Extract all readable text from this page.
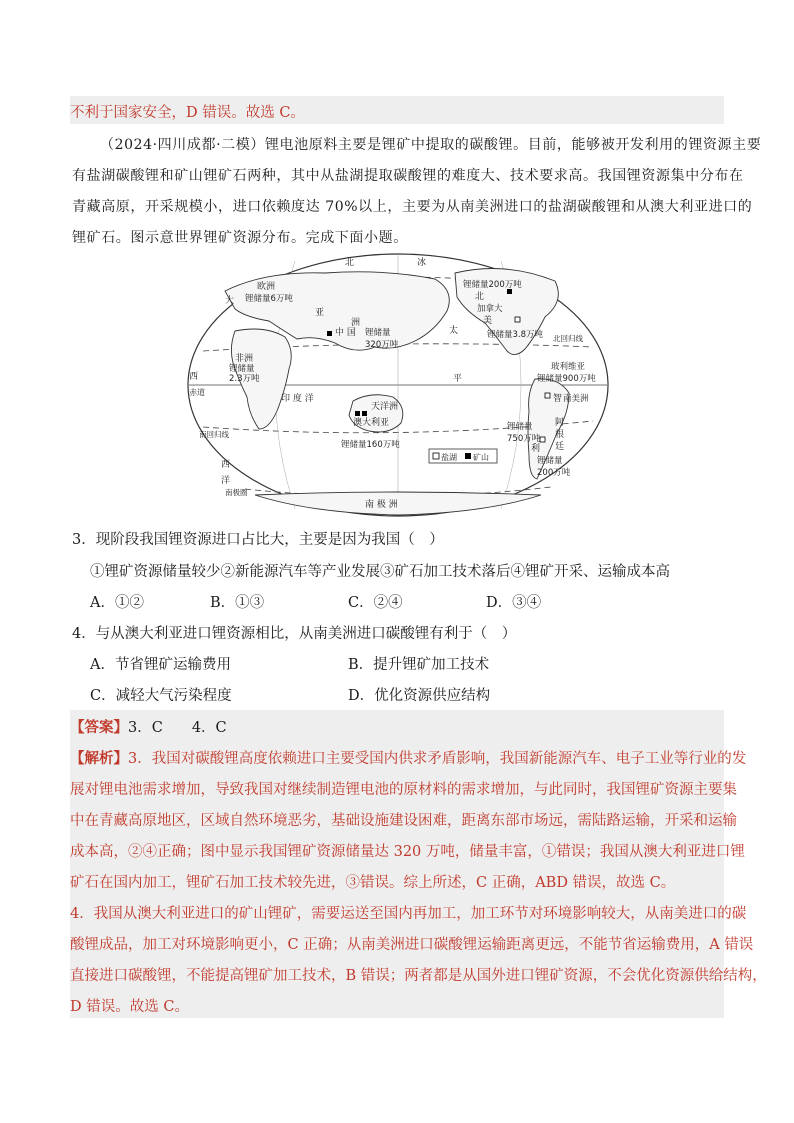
不利于国家安全，D 错误。故选 C。
（2024·四川成都·二模）锂电池原料主要是锂矿中提取的碳酸锂。目前，能够被开发利用的锂资源主要
有盐湖碳酸锂和矿山锂矿石两种，其中从盐湖提取碳酸锂的难度大、技术要求高。我国锂资源集中分布在
青藏高原，开采规模小，进口依赖度达 70%以上，主要为从南美洲进口的盐湖碳酸锂和从澳大利亚进口的
锂矿石。图示意世界锂矿资源分布。完成下面小题。
北	冰
欧洲
锂储量6万吨
大
亚
洲
中 国 锂储量
320万吨
非洲
锂储量
2.3万吨
西
赤道
太
平
印 度 洋
天洋洲
澳大利亚
锂储量160万吨
锂储量200万吨
北
加拿大
美
锂储量3.8万吨 北回归线
玻利维亚
锂储量900万吨
智 南美洲
锂储量
750万吨
阿
根
利 廷
锂储量
200万吨
南回归线
西
洋
南极圈
南 极 洲
盐湖 矿山
3．现阶段我国锂资源进口占比大，主要是因为我国（　）
①锂矿资源储量较少②新能源汽车等产业发展③矿石加工技术落后④锂矿开采、运输成本高
A．①②	B．①③	C．②④	D．③④
4．与从澳大利亚进口锂资源相比，从南美洲进口碳酸锂有利于（　）
A．节省锂矿运输费用	B．提升锂矿加工技术
C．减轻大气污染程度	D．优化资源供应结构
【答案】3．C　　4．C
【解析】3．我国对碳酸锂高度依赖进口主要受国内供求矛盾影响，我国新能源汽车、电子工业等行业的发
展对锂电池需求增加，导致我国对继续制造锂电池的原材料的需求增加，与此同时，我国锂矿资源主要集
中在青藏高原地区，区域自然环境恶劣，基础设施建设困难，距离东部市场远，需陆路运输，开采和运输
成本高，②④正确；图中显示我国锂矿资源储量达 320 万吨，储量丰富，①错误；我国从澳大利亚进口锂
矿石在国内加工，锂矿石加工技术较先进，③错误。综上所述，C 正确，ABD 错误，故选 C。
4．我国从澳大利亚进口的矿山锂矿，需要运送至国内再加工，加工环节对环境影响较大，从南美进口的碳
酸锂成品，加工对环境影响更小，C 正确；从南美洲进口碳酸锂运输距离更远，不能节省运输费用，A 错误
直接进口碳酸锂，不能提高锂矿加工技术，B 错误；两者都是从国外进口锂矿资源，不会优化资源供给结构，
D 错误。故选 C。
